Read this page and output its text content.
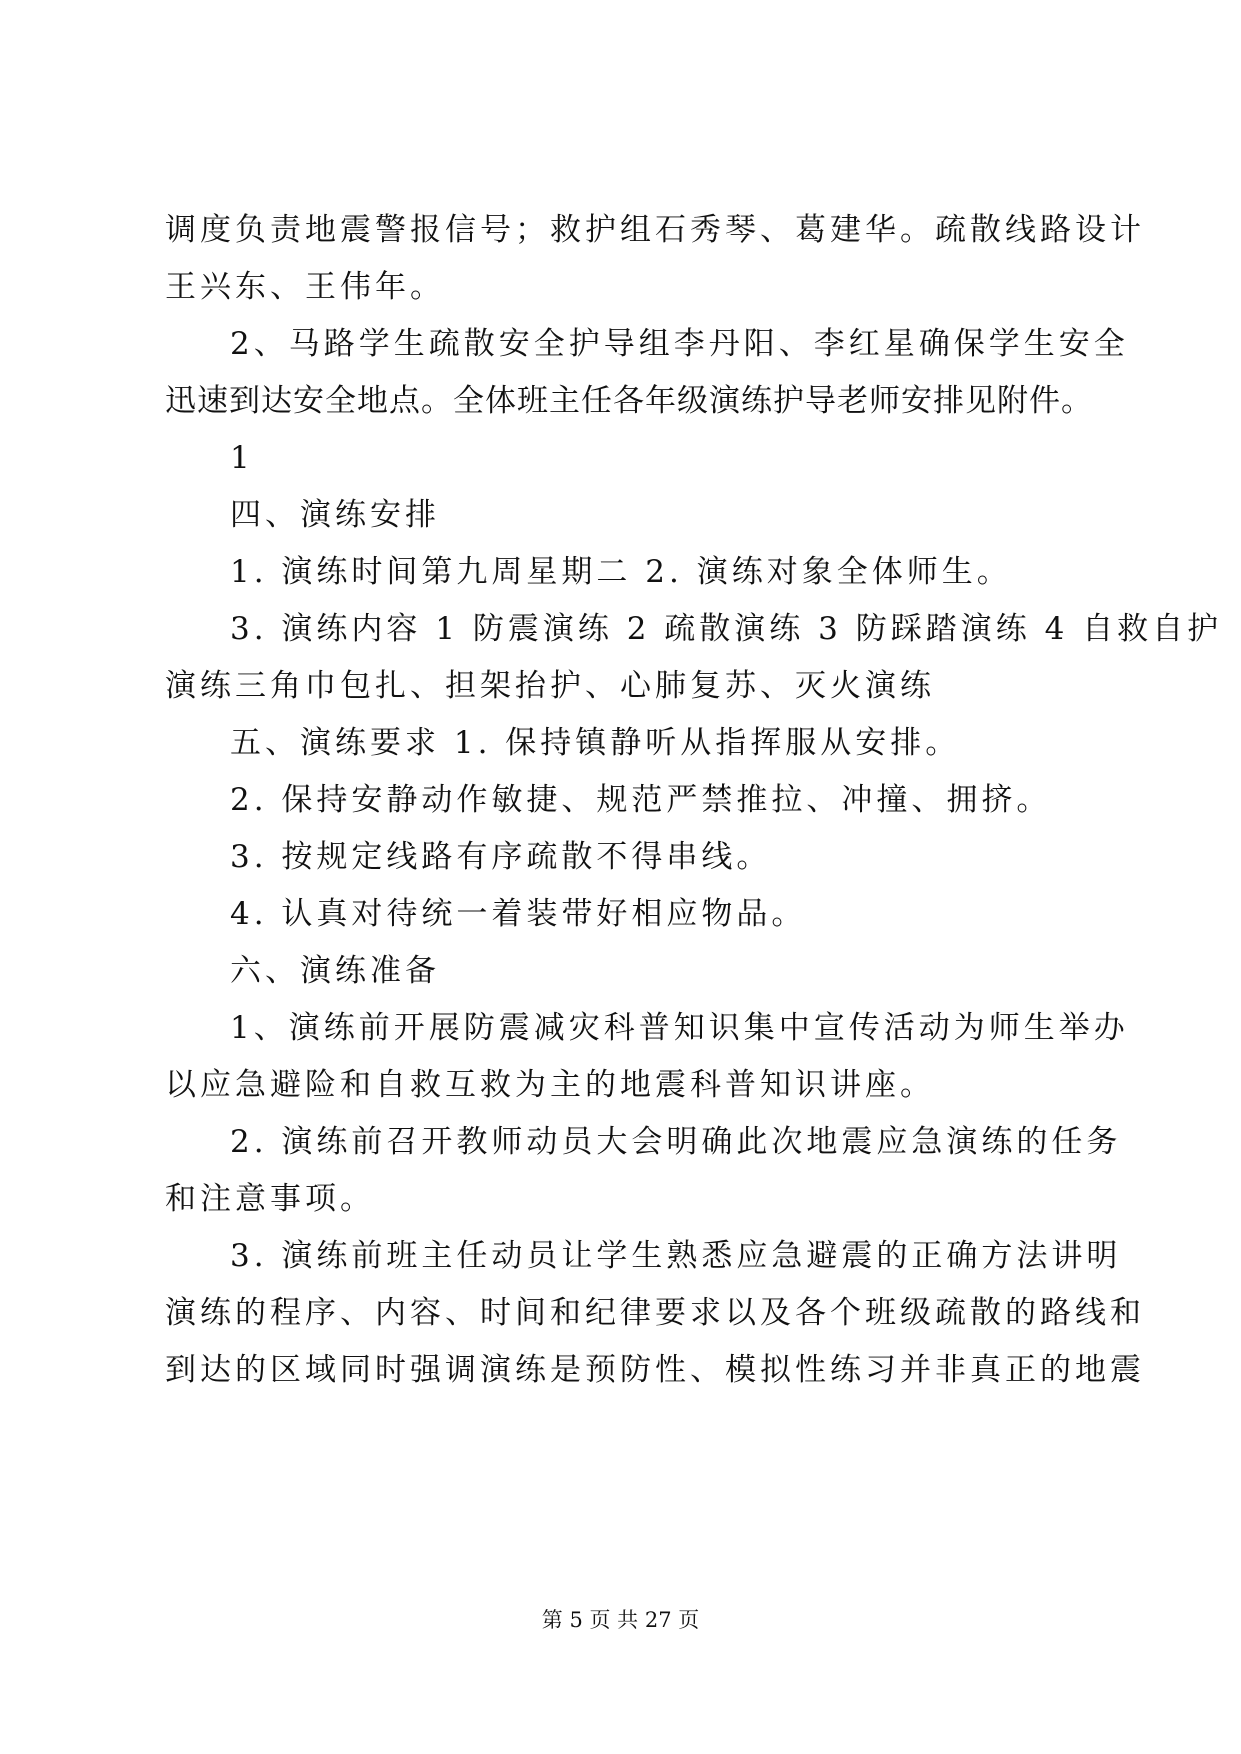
调度负责地震警报信号；救护组石秀琴、葛建华。疏散线路设计
王兴东、王伟年。
2、马路学生疏散安全护导组李丹阳、李红星确保学生安全
迅速到达安全地点。全体班主任各年级演练护导老师安排见附件。
1
四、演练安排
1. 演练时间第九周星期二 2. 演练对象全体师生。
3. 演练内容 1 防震演练 2 疏散演练 3 防踩踏演练 4 自救自护
演练三角巾包扎、担架抬护、心肺复苏、灭火演练
五、演练要求 1. 保持镇静听从指挥服从安排。
2. 保持安静动作敏捷、规范严禁推拉、冲撞、拥挤。
3. 按规定线路有序疏散不得串线。
4. 认真对待统一着装带好相应物品。
六、演练准备
1、演练前开展防震减灾科普知识集中宣传活动为师生举办
以应急避险和自救互救为主的地震科普知识讲座。
2. 演练前召开教师动员大会明确此次地震应急演练的任务
和注意事项。
3. 演练前班主任动员让学生熟悉应急避震的正确方法讲明
演练的程序、内容、时间和纪律要求以及各个班级疏散的路线和
到达的区域同时强调演练是预防性、模拟性练习并非真正的地震
第 5 页 共 27 页
